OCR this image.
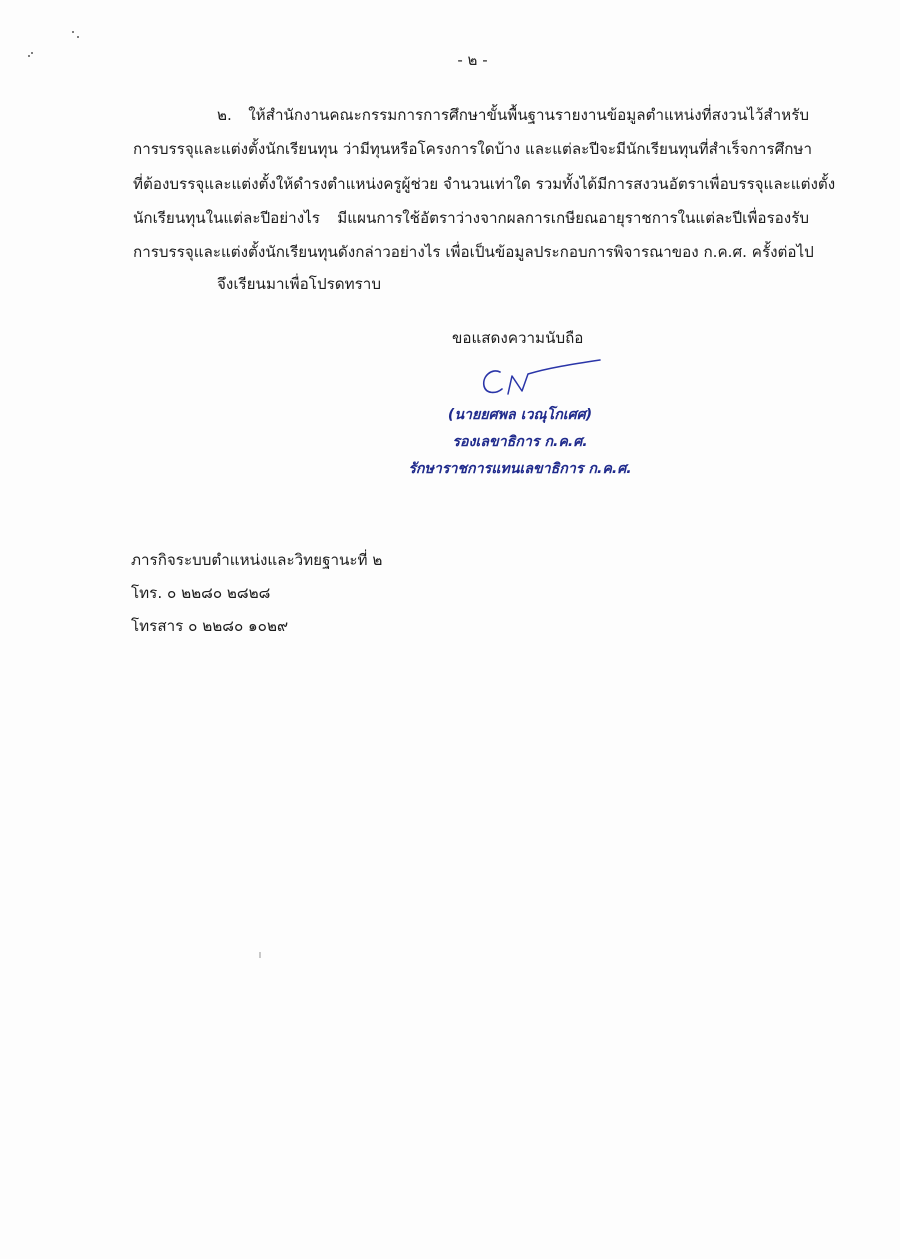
- ๒ -
๒. ให้สำนักงานคณะกรรมการการศึกษาขั้นพื้นฐานรายงานข้อมูลตำแหน่งที่สงวนไว้สำหรับ
การบรรจุและแต่งตั้งนักเรียนทุน ว่ามีทุนหรือโครงการใดบ้าง และแต่ละปีจะมีนักเรียนทุนที่สำเร็จการศึกษา
ที่ต้องบรรจุและแต่งตั้งให้ดำรงตำแหน่งครูผู้ช่วย จำนวนเท่าใด รวมทั้งได้มีการสงวนอัตราเพื่อบรรจุและแต่งตั้ง
นักเรียนทุนในแต่ละปีอย่างไร มีแผนการใช้อัตราว่างจากผลการเกษียณอายุราชการในแต่ละปีเพื่อรองรับ
การบรรจุและแต่งตั้งนักเรียนทุนดังกล่าวอย่างไร เพื่อเป็นข้อมูลประกอบการพิจารณาของ ก.ค.ศ. ครั้งต่อไป
จึงเรียนมาเพื่อโปรดทราบ
ขอแสดงความนับถือ
(นายยศพล เวณุโกเศศ)
รองเลขาธิการ ก.ค.ศ.
รักษาราชการแทนเลขาธิการ ก.ค.ศ.
ภารกิจระบบตำแหน่งและวิทยฐานะที่ ๒
โทร. ๐ ๒๒๘๐ ๒๘๒๘
โทรสาร ๐ ๒๒๘๐ ๑๐๒๙
